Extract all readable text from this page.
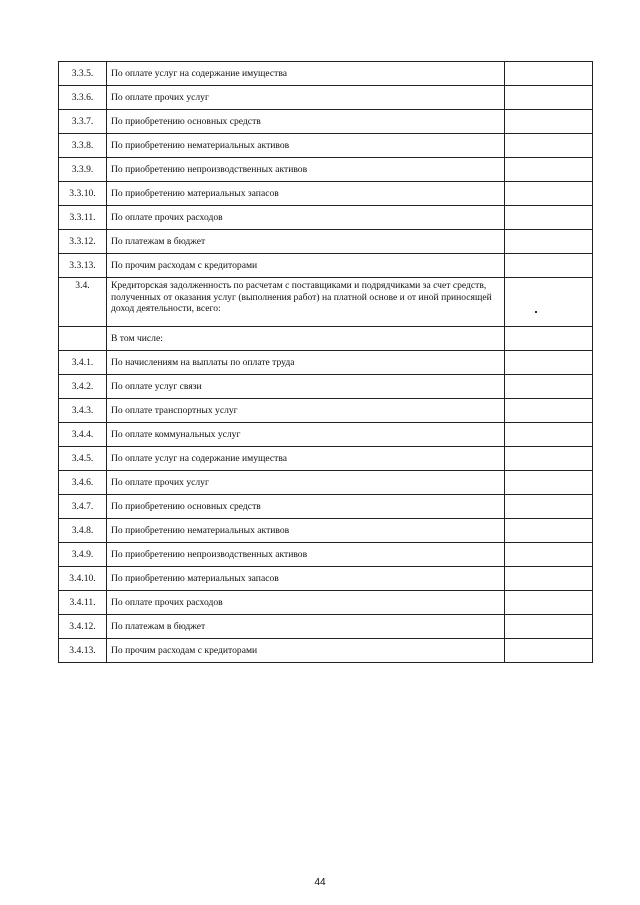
3.3.5.	По оплате услуг на содержание имущества	
3.3.6.	По оплате прочих услуг	
3.3.7.	По приобретению основных средств	
3.3.8.	По приобретению нематериальных активов	
3.3.9.	По приобретению непроизводственных активов	
3.3.10.	По приобретению материальных запасов	
3.3.11.	По оплате прочих расходов	
3.3.12.	По платежам в бюджет	
3.3.13.	По прочим расходам с кредиторами	
3.4.	Кредиторская задолженность по расчетам с поставщиками и подрядчиками за счет средств, полученных от оказания услуг (выполнения работ) на платной основе и от иной приносящей доход деятельности, всего:	

	В том числе:	
3.4.1.	По начислениям на выплаты по оплате труда	
3.4.2.	По оплате услуг связи	
3.4.3.	По оплате транспортных услуг	
3.4.4.	По оплате коммунальных услуг	
3.4.5.	По оплате услуг на содержание имущества	
3.4.6.	По оплате прочих услуг	
3.4.7.	По приобретению основных средств	
3.4.8.	По приобретению нематериальных активов	
3.4.9.	По приобретению непроизводственных активов	
3.4.10.	По приобретению материальных запасов	
3.4.11.	По оплате прочих расходов	
3.4.12.	По платежам в бюджет	
3.4.13.	По прочим расходам с кредиторами	
44
